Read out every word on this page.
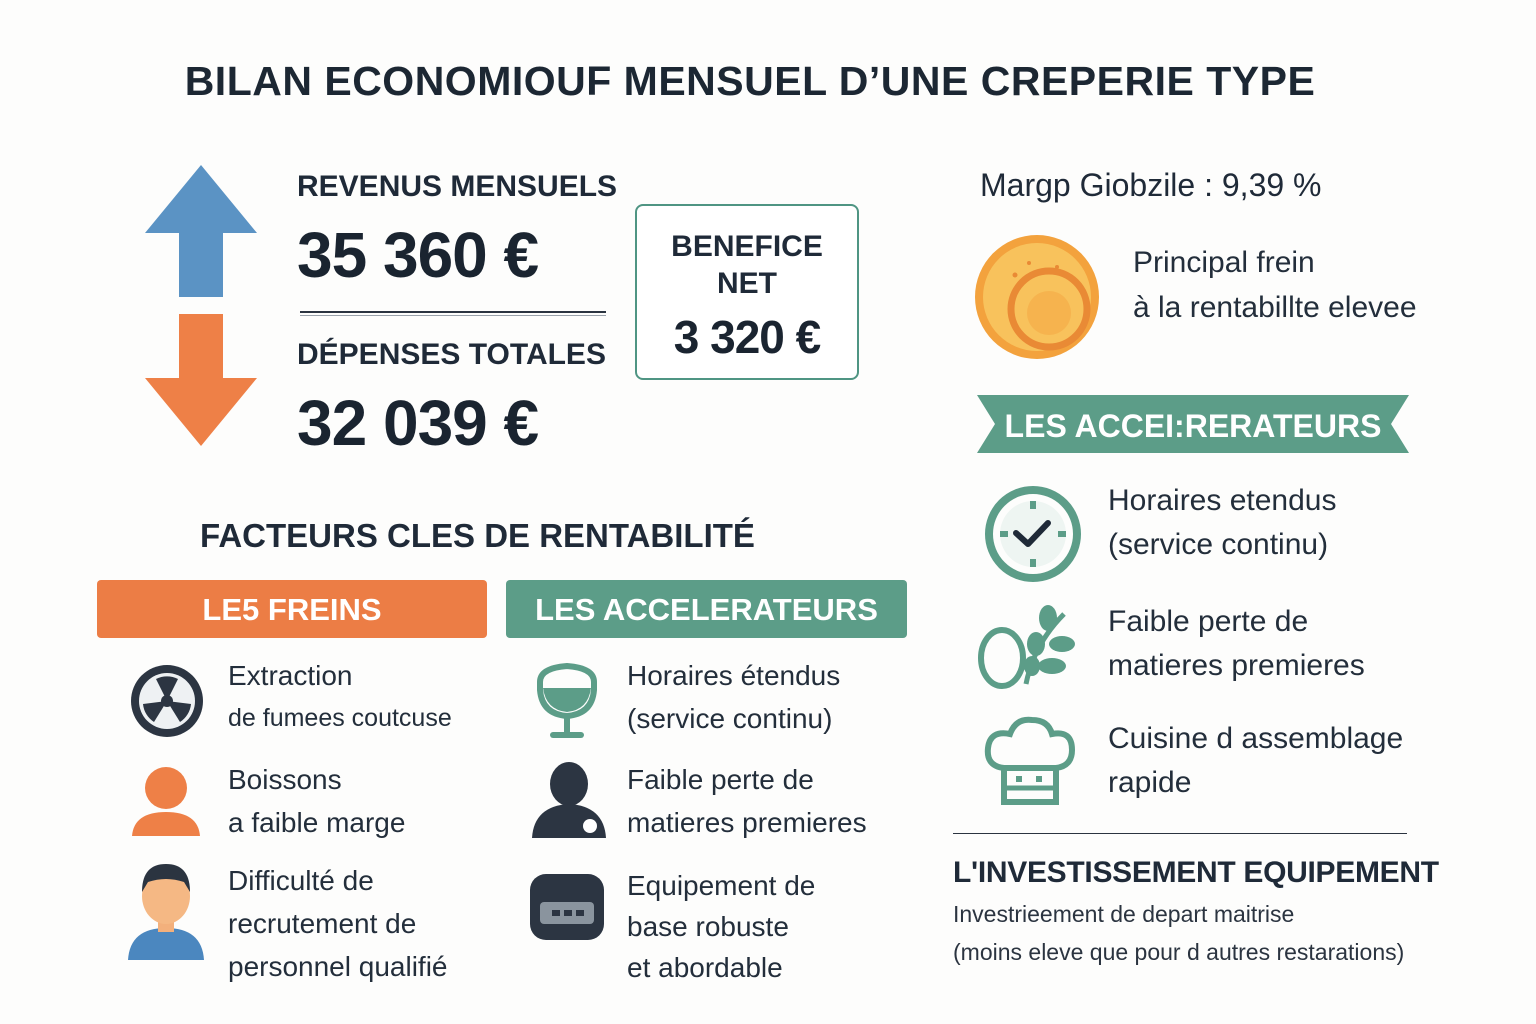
BILAN ECONOMIOUF MENSUEL D’UNE CREPERIE TYPE
REVENUS MENSUELS
35 360 €
DÉPENSES TOTALES
32 039 €
BENEFICE
NET
3 320 €
FACTEURS CLES DE RENTABILITÉ
LE5 FREINS	LES ACCELERATEURS
Extraction
de fumees coutcuse
Boissons
a faible marge
Difficulté de
recrutement de
personnel qualifié
Horaires étendus
(service continu)
Faible perte de
matieres premieres
Equipement de
base robuste
et abordable
Margp Giobzile : 9,39 %
Principal frein
à la rentabillte elevee
LES ACCEI:RERATEURS
Horaires etendus
(service continu)
Faible perte de
matieres premieres
Cuisine d assemblage
rapide
L'INVESTISSEMENT EQUIPEMENT
Investrieement de depart maitrise
(moins eleve que pour d autres restarations)
